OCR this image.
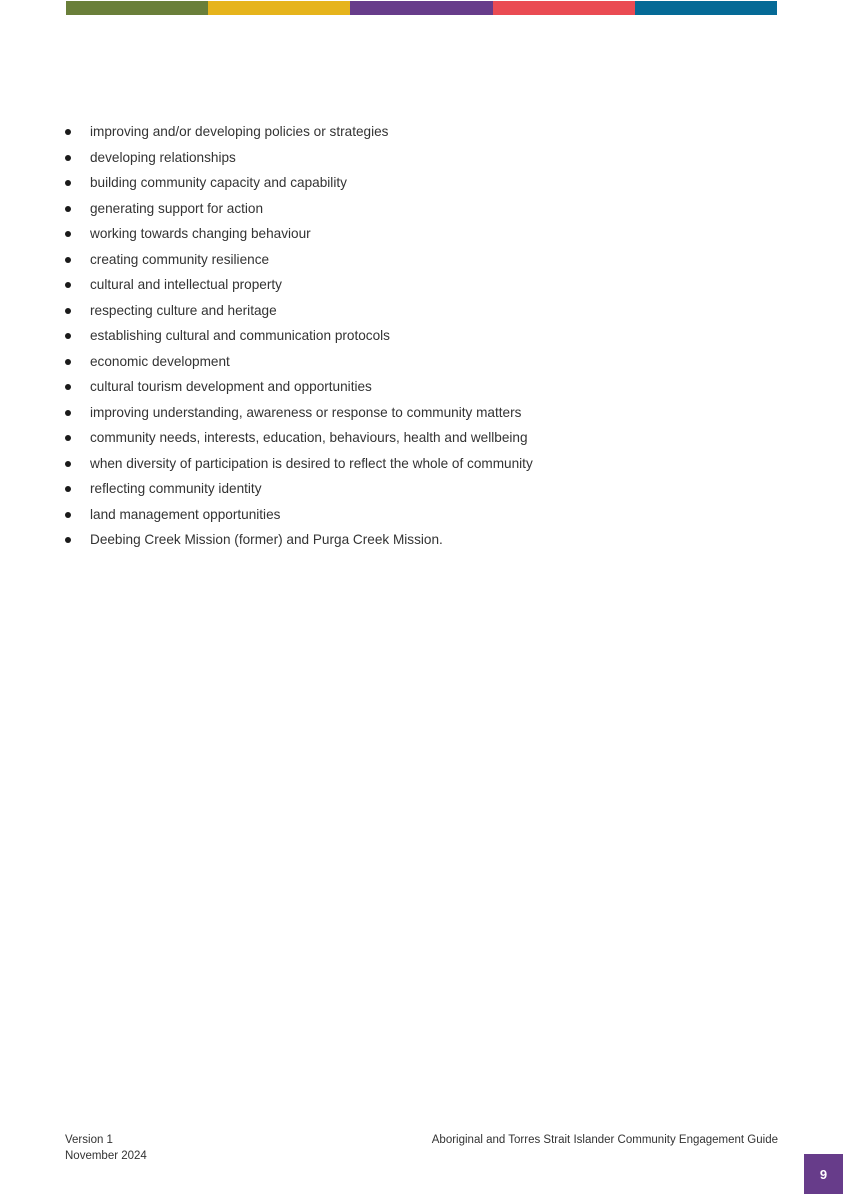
improving and/or developing policies or strategies
developing relationships
building community capacity and capability
generating support for action
working towards changing behaviour
creating community resilience
cultural and intellectual property
respecting culture and heritage
establishing cultural and communication protocols
economic development
cultural tourism development and opportunities
improving understanding, awareness or response to community matters
community needs, interests, education, behaviours, health and wellbeing
when diversity of participation is desired to reflect the whole of community
reflecting community identity
land management opportunities
Deebing Creek Mission (former) and Purga Creek Mission.
Version 1
November 2024
Aboriginal and Torres Strait Islander Community Engagement Guide
9
